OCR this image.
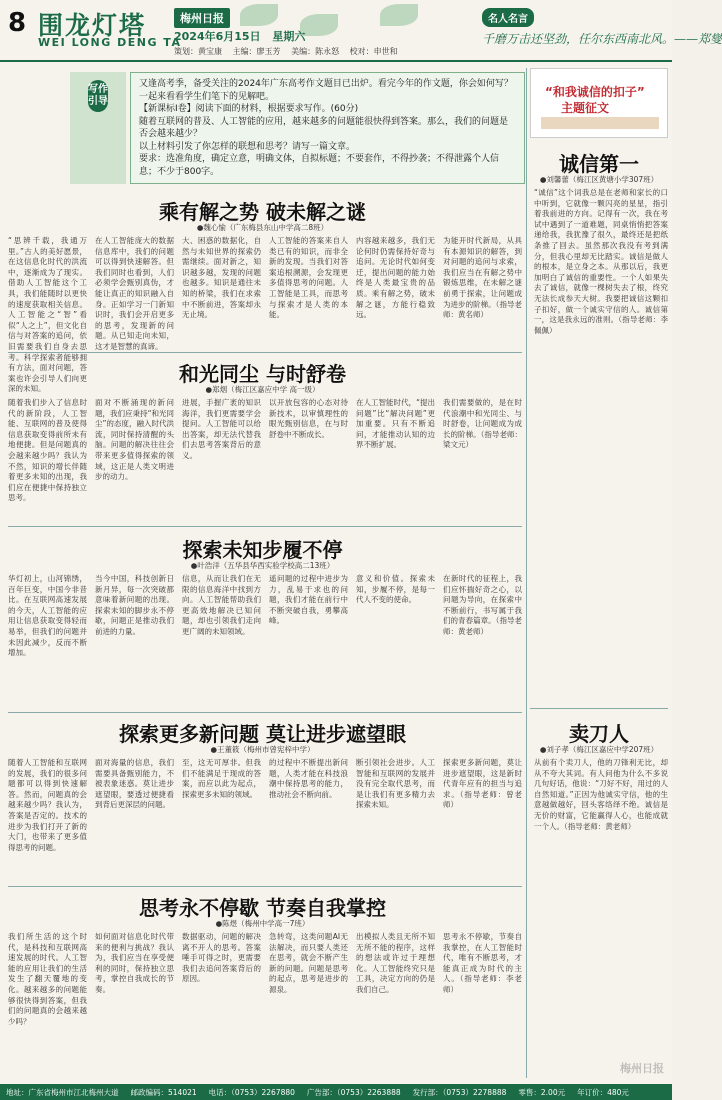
8 围龙灯塔
WEI LONG DENG TA
梅州日报
2024年6月15日 星期六
策划：黄宝康 主编：廖玉芳 美编：陈永怒 校对：申世和
名人名言
千磨万击还坚劲，任尔东西南北风。——郑燮
写作引导

又逢高考季，备受关注的2024年广东高考作文题目已出炉。看完今年的作文题，你会如何写？一起来看看学生们笔下的见解吧。

【新课标Ⅰ卷】阅读下面的材料，根据要求写作。(60分)

随着互联网的普及、人工智能的应用，越来越多的问题能很快得到答案。那么，我们的问题是否会越来越少？

以上材料引发了你怎样的联想和思考？请写一篇文章。

要求：选准角度，确定立意，明确文体，自拟标题；不要套作，不得抄袭；不得泄露个人信息；不少于800字。

乘有解之势 破未解之谜
●魏心愉（广东梅县东山中学高二8班）
“思辨千载，我通万里。”古人的美好愿景，在这信息化时代的洪流中，逐渐成为了现实。借助人工智能这个工具，我们能随时以更快的速度获取相关信息。人工智能之“智”看似“人之上”，但文化自信与对答案的追问，依旧需要我们自身去思考。科学探索者能够拥有方法，面对问题，答案也许会引导人们向更深的未知。
在人工智能庞大的数据信息库中，我们的问题可以得到快速解答。但我们同时也看到，人们必须学会甄别真伪，才能让真正的知识融入自身。正如学习一门新知识时，我们会开启更多的思考，发现新的问题。从已知走向未知，这才是智慧的真谛。
大、困惑的数据化，自然与未知世界的探索仍需继续。面对新之，知识越多越，发现的问题也越多。知识是通往未知的桥梁，我们在求索中不断前进，答案却永无止境。
人工智能的答案来自人类已有的知识，而非全新的发现。当我们对答案追根溯源，会发现更多值得思考的问题。人工智能是工具，而思考与探索才是人类的本能。
内容越来越多，我们无论何时仍需保持好奇与追问。无论时代如何变迁，提出问题的能力始终是人类最宝贵的品质。乘有解之势，破未解之谜，方能行稳致远。
为能开时代新局，从具有本源知识的解答，到对问题的追问与求索，我们应当在有解之势中锻炼思维，在未解之谜前勇于探索，让问题成为进步的阶梯。（指导老师：黄名师）
和光同尘 与时舒卷
●郑烟（梅江区嘉应中学 高一级）
随着我们步入了信息时代的新阶段，人工智能、互联网的普及使得信息获取变得前所未有地便捷。但是问题真的会越来越少吗？我认为不然，知识的增长伴随着更多未知的出现，我们应在便捷中保持独立思考。
面对不断涌现的新问题，我们应秉持“和光同尘”的态度，融入时代洪流，同时保持清醒的头脑。问题的解决往往会带来更多值得探索的领域，这正是人类文明进步的动力。
进展，手握广袤的知识海洋，我们更需要学会提问。人工智能可以给出答案，却无法代替我们去思考答案背后的意义。
以开放包容的心态对待新技术，以审慎理性的眼光甄别信息，在与时舒卷中不断成长。
在人工智能时代，“提出问题”比“解决问题”更加重要。只有不断追问，才能推动认知的边界不断扩展。
我们需要做的，是在时代浪潮中和光同尘、与时舒卷，让问题成为成长的阶梯。（指导老师：梁文元）
探索未知步履不停
●叶浩洋（五华县华西实验学校高二13班）
华灯初上，山河锦绣，百年巨变，中国今非昔比。在互联网高速发展的今天，人工智能的应用让信息获取变得轻而易举，但我们的问题并未因此减少，反而不断增加。
当今中国，科技创新日新月异，每一次突破都意味着新问题的出现。探索未知的脚步永不停歇，问题正是推动我们前进的力量。
信息，从而让我们在无限的信息海洋中找到方向。人工智能帮助我们更高效地解决已知问题，却也引领我们走向更广阔的未知领域。
遥问题的过程中进步为力，乱易于求也的问题，我们才能在前行中不断突破自我，勇攀高峰。
意义和价值。探索未知，步履不停，是每一代人不变的使命。
在新时代的征程上，我们应怀揣好奇之心，以问题为导向，在探索中不断前行，书写属于我们的青春篇章。（指导老师：黄老师）
探索更多新问题 莫让进步遮望眼
●王董筱（梅州市曾宪梓中学）
随着人工智能和互联网的发展，我们的很多问题都可以得到快速解答。然而，问题真的会越来越少吗？我认为，答案是否定的。技术的进步为我们打开了新的大门，也带来了更多值得思考的问题。
面对海量的信息，我们需要具备甄别能力，不被表象迷惑。莫让进步遮望眼，要透过便捷看到背后更深层的问题。
至，这无可厚非。但我们不能满足于现成的答案，而应以此为起点，探索更多未知的领域。
的过程中不断提出新问题，人类才能在科技浪潮中保持思考的能力，推动社会不断向前。
断引领社会进步。人工智能和互联网的发展并没有完全取代思考，而是让我们有更多精力去探索未知。
探索更多新问题，莫让进步遮望眼，这是新时代青年应有的担当与追求。（指导老师：曾老师）
思考永不停歇 节奏自我掌控
●陈煜（梅州中学高一7班）
我们所生活的这个时代，是科技和互联网高速发展的时代。人工智能的应用让我们的生活发生了翻天覆地的变化。越来越多的问题能够很快得到答案，但我们的问题真的会越来越少吗？
如何面对信息化时代带来的便利与挑战？我认为，我们应当在享受便利的同时，保持独立思考，掌控自我成长的节奏。
数据驱动，问题的解决离不开人的思考。答案唾手可得之时，更需要我们去追问答案背后的原因。
急转弯，这类问题AI无法解决，而只要人类还在思考，就会不断产生新的问题。问题是思考的起点，思考是进步的源泉。
出模拟人类且无所不知无所不能的程序，这样的想法或许过于理想化。人工智能终究只是工具，决定方向的仍是我们自己。
思考永不停歇，节奏自我掌控，在人工智能时代，唯有不断思考，才能真正成为时代的主人。（指导老师：李老师）
“和我诚信的扣子”
主题征文
诚信第一
●刘馨蕾（梅江区黄塘小学307班）
“诚信”这个词我总是在老师和家长的口中听到，它就像一颗闪亮的星星，指引着我前进的方向。记得有一次，我在考试中遇到了一道难题，同桌悄悄把答案递给我，我犹豫了很久，最终还是把纸条推了回去。虽然那次我没有考到满分，但我心里却无比踏实。诚信是做人的根本，是立身之本。从那以后，我更加明白了诚信的重要性。一个人如果失去了诚信，就像一棵树失去了根，终究无法长成参天大树。我要把诚信这颗扣子扣好，做一个诚实守信的人。诚信第一，这是我永远的准则。（指导老师：李佩佩）
卖刀人
●刘子孝（梅江区嘉应中学207班）
从前有个卖刀人，他的刀锋利无比，却从不夸大其词。有人问他为什么不多说几句好话，他说：“刀好不好，用过的人自然知道。”正因为他诚实守信，他的生意越做越好，回头客络绎不绝。诚信是无价的财富，它能赢得人心，也能成就一个人。（指导老师：黄老师）
梅州日报
地址：广东省梅州市江北梅州大道 邮政编码：514021 电话：（0753）2267880 广告部：（0753）2263888 发行部：（0753）2278888 零售：2.00元 年订价：480元
